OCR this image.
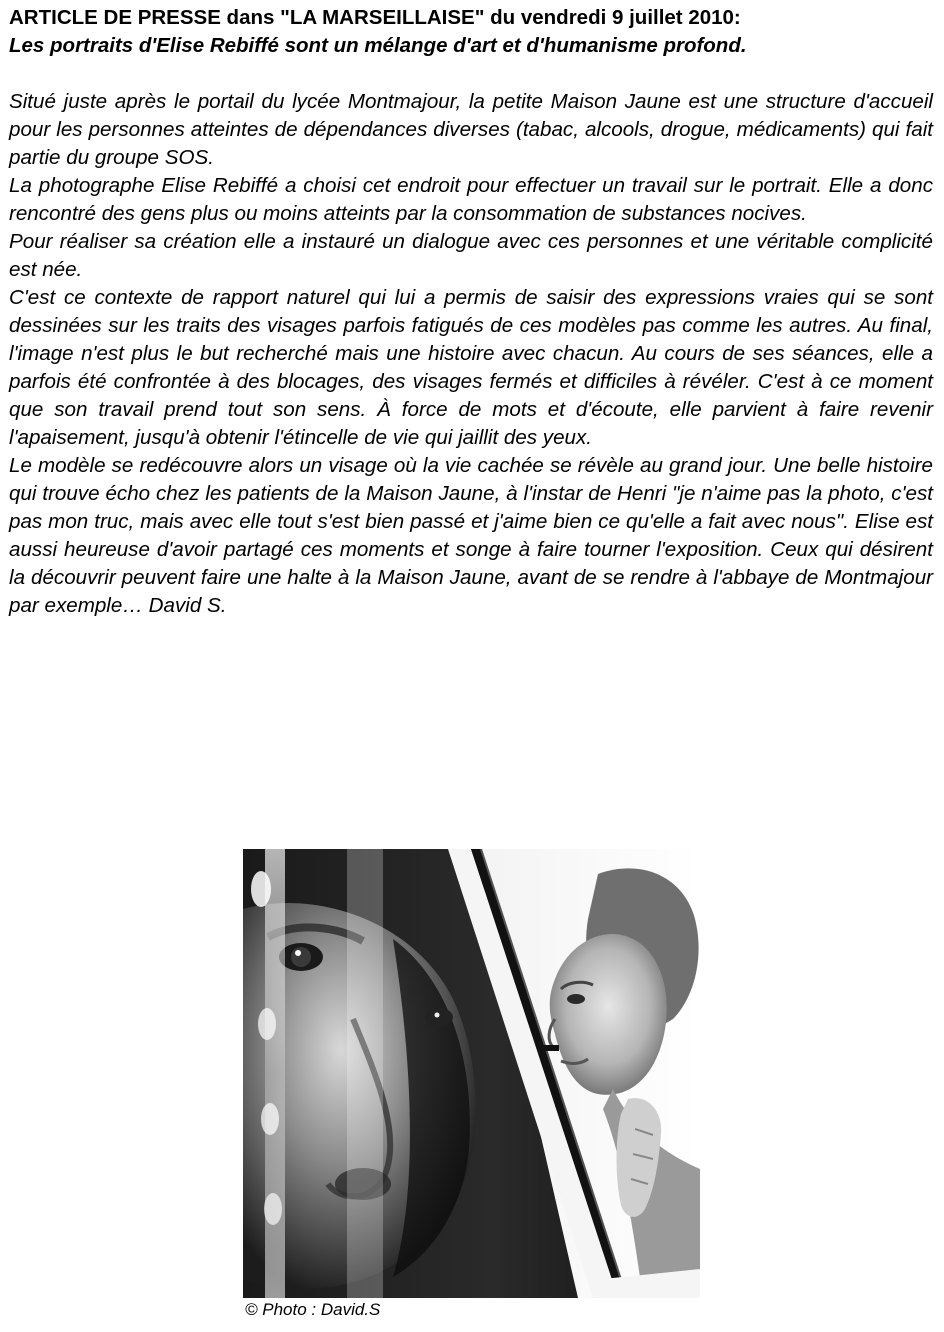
ARTICLE DE PRESSE dans "LA MARSEILLAISE" du vendredi 9 juillet 2010:
Les portraits d'Elise Rebiffé sont un mélange d'art et d'humanisme profond.

Situé juste après le portail du lycée Montmajour, la petite Maison Jaune est une structure d'accueil pour les personnes atteintes de dépendances diverses (tabac, alcools, drogue, médicaments) qui fait partie du groupe SOS.

La photographe Elise Rebiffé a choisi cet endroit pour effectuer un travail sur le portrait. Elle a donc rencontré des gens plus ou moins atteints par la consommation de substances nocives.

Pour réaliser sa création elle a instauré un dialogue avec ces personnes et une véritable complicité est née.

C'est ce contexte de rapport naturel qui lui a permis de saisir des expressions vraies qui se sont dessinées sur les traits des visages parfois fatigués de ces modèles pas comme les autres. Au final, l'image n'est plus le but recherché mais une histoire avec chacun. Au cours de ses séances, elle a parfois été confrontée à des blocages, des visages fermés et difficiles à révéler. C'est à ce moment que son travail prend tout son sens. À force de mots et d'écoute, elle parvient à faire revenir l'apaisement, jusqu'à obtenir l'étincelle de vie qui jaillit des yeux.

Le modèle se redécouvre alors un visage où la vie cachée se révèle au grand jour. Une belle histoire qui trouve écho chez les patients de la Maison Jaune, à l'instar de Henri "je n'aime pas la photo, c'est pas mon truc, mais avec elle tout s'est bien passé et j'aime bien ce qu'elle a fait avec nous". Elise est aussi heureuse d'avoir partagé ces moments et songe à faire tourner l'exposition. Ceux qui désirent la découvrir peuvent faire une halte à la Maison Jaune, avant de se rendre à l'abbaye de Montmajour par exemple… David S.

© Photo : David.S
